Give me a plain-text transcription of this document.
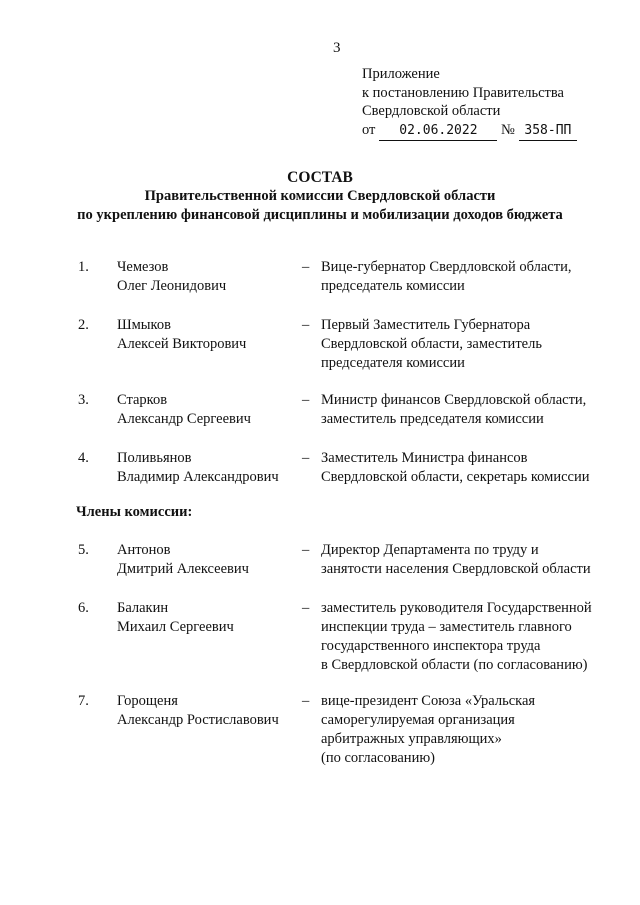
3
Приложение
к постановлению Правительства
Свердловской области
от 02.06.2022 № 358-ПП
СОСТАВ
Правительственной комиссии Свердловской области
по укреплению финансовой дисциплины и мобилизации доходов бюджета
1. Чемезов
Олег Леонидович
– Вице-губернатор Свердловской области,
председатель комиссии
2. Шмыков
Алексей Викторович
– Первый Заместитель Губернатора
Свердловской области, заместитель
председателя комиссии
3. Старков
Александр Сергеевич
– Министр финансов Свердловской области,
заместитель председателя комиссии
4. Поливьянов
Владимир Александрович
– Заместитель Министра финансов
Свердловской области, секретарь комиссии
Члены комиссии:
5. Антонов
Дмитрий Алексеевич
– Директор Департамента по труду и
занятости населения Свердловской области
6. Балакин
Михаил Сергеевич
– заместитель руководителя Государственной
инспекции труда – заместитель главного
государственного инспектора труда
в Свердловской области (по согласованию)
7. Горощеня
Александр Ростиславович
– вице-президент Союза «Уральская
саморегулируемая организация
арбитражных управляющих»
(по согласованию)
